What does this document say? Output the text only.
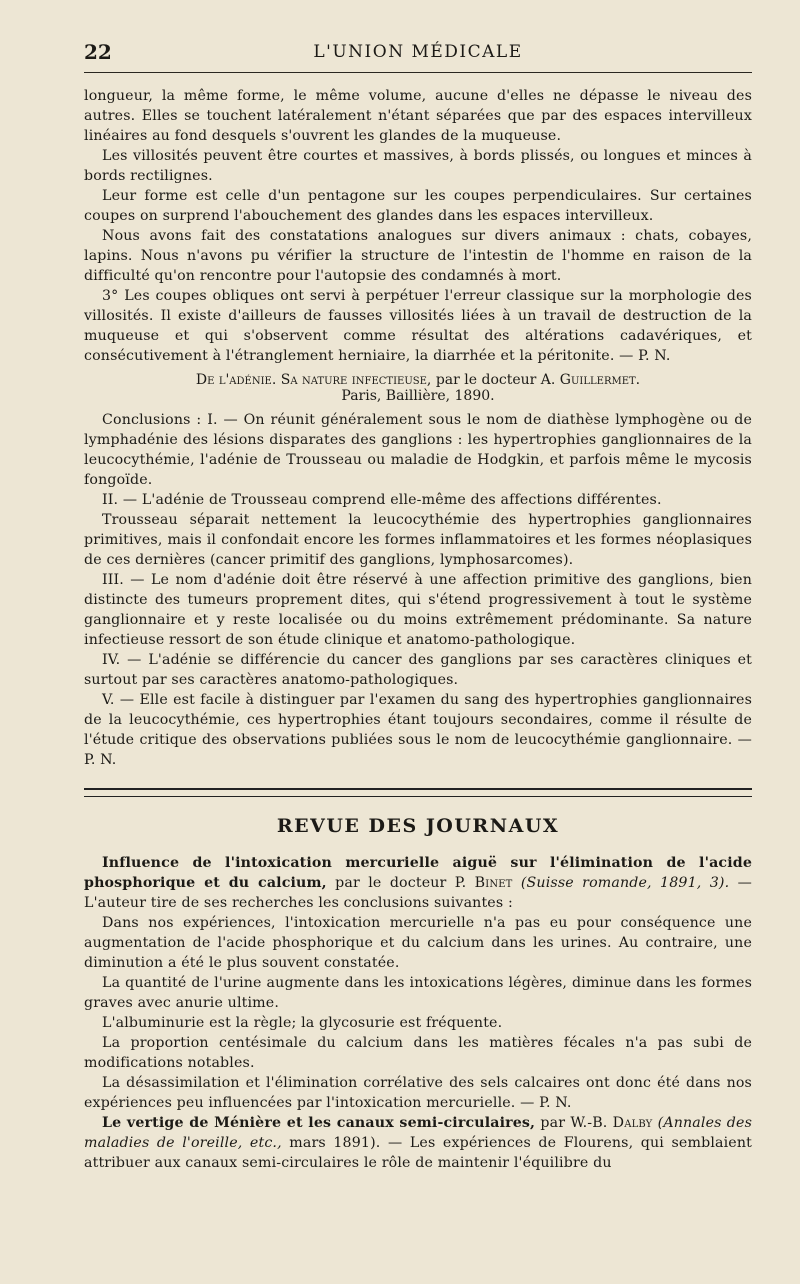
22	L'UNION MÉDICALE

longueur, la même forme, le même volume, aucune d'elles ne dépasse le niveau des autres. Elles se touchent latéralement n'étant séparées que par des espaces intervilleux linéaires au fond desquels s'ouvrent les glandes de la muqueuse.

Les villosités peuvent être courtes et massives, à bords plissés, ou longues et minces à bords rectilignes.

Leur forme est celle d'un pentagone sur les coupes perpendiculaires. Sur certaines coupes on surprend l'abouchement des glandes dans les espaces intervilleux.

Nous avons fait des constatations analogues sur divers animaux : chats, cobayes, lapins. Nous n'avons pu vérifier la structure de l'intestin de l'homme en raison de la difficulté qu'on rencontre pour l'autopsie des condamnés à mort.

3° Les coupes obliques ont servi à perpétuer l'erreur classique sur la morphologie des villosités. Il existe d'ailleurs de fausses villosités liées à un travail de destruction de la muqueuse et qui s'observent comme résultat des altérations cadavériques, et consécutivement à l'étranglement herniaire, la diarrhée et la péritonite. — P. N.

De l'adénie. Sa nature infectieuse, par le docteur A. Guillermet.
Paris, Baillière, 1890.

Conclusions : I. — On réunit généralement sous le nom de diathèse lymphogène ou de lymphadénie des lésions disparates des ganglions : les hypertrophies ganglionnaires de la leucocythémie, l'adénie de Trousseau ou maladie de Hodgkin, et parfois même le mycosis fongoïde.

II. — L'adénie de Trousseau comprend elle-même des affections différentes.

Trousseau séparait nettement la leucocythémie des hypertrophies ganglionnaires primitives, mais il confondait encore les formes inflammatoires et les formes néoplasiques de ces dernières (cancer primitif des ganglions, lymphosarcomes).

III. — Le nom d'adénie doit être réservé à une affection primitive des ganglions, bien distincte des tumeurs proprement dites, qui s'étend progressivement à tout le système ganglionnaire et y reste localisée ou du moins extrêmement prédominante. Sa nature infectieuse ressort de son étude clinique et anatomo-pathologique.

IV. — L'adénie se différencie du cancer des ganglions par ses caractères cliniques et surtout par ses caractères anatomo-pathologiques.

V. — Elle est facile à distinguer par l'examen du sang des hypertrophies ganglionnaires de la leucocythémie, ces hypertrophies étant toujours secondaires, comme il résulte de l'étude critique des observations publiées sous le nom de leucocythémie ganglionnaire. — P. N.

REVUE DES JOURNAUX

Influence de l'intoxication mercurielle aiguë sur l'élimination de l'acide phosphorique et du calcium, par le docteur P. Binet (Suisse romande, 1891, 3). — L'auteur tire de ses recherches les conclusions suivantes :

Dans nos expériences, l'intoxication mercurielle n'a pas eu pour conséquence une augmentation de l'acide phosphorique et du calcium dans les urines. Au contraire, une diminution a été le plus souvent constatée.

La quantité de l'urine augmente dans les intoxications légères, diminue dans les formes graves avec anurie ultime.

L'albuminurie est la règle; la glycosurie est fréquente.

La proportion centésimale du calcium dans les matières fécales n'a pas subi de modifications notables.

La désassimilation et l'élimination corrélative des sels calcaires ont donc été dans nos expériences peu influencées par l'intoxication mercurielle. — P. N.

Le vertige de Ménière et les canaux semi-circulaires, par W.-B. Dalby (Annales des maladies de l'oreille, etc., mars 1891). — Les expériences de Flourens, qui semblaient attribuer aux canaux semi-circulaires le rôle de maintenir l'équilibre du
